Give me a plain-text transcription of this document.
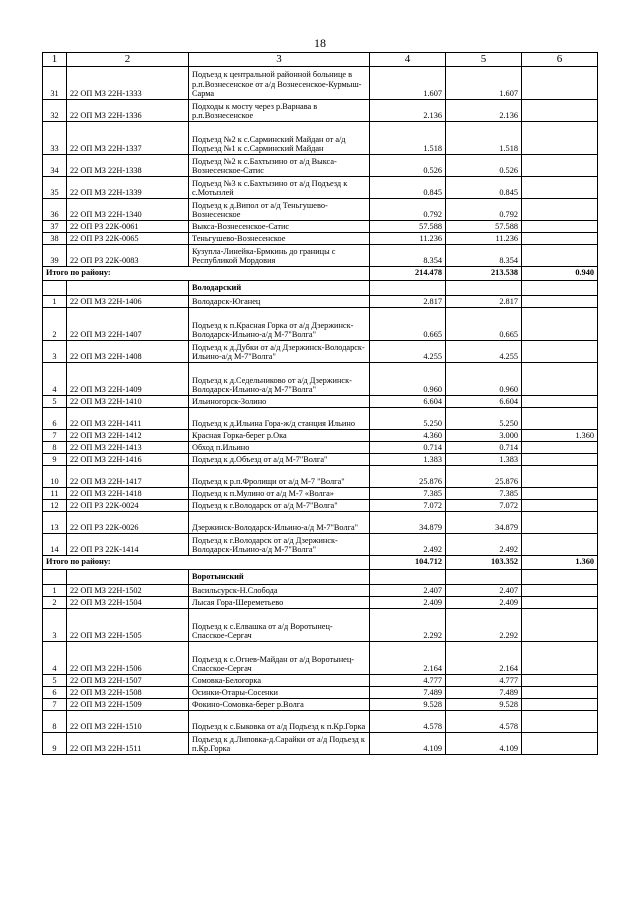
18
1	2	3	4	5	6
31	22 ОП МЗ 22Н-1333	Подъезд к центральной районной больнице в р.п.Вознесенское от а/д Вознесенское-Курмыш-Сарма	1.607	1.607	
32	22 ОП МЗ 22Н-1336	Подходы к мосту через р.Варнава в р.п.Вознесенское	2.136	2.136	
33	22 ОП МЗ 22Н-1337	Подъезд №2 к с.Сарминский Майдан от а/д Подъезд №1 к с.Сарминский Майдан	1.518	1.518	
34	22 ОП МЗ 22Н-1338	Подъезд №2 к с.Бахтызино от а/д Выкса-Вознесенское-Сатис	0.526	0.526	
35	22 ОП МЗ 22Н-1339	Подъезд №3 к с.Бахтызино от а/д Подъезд к с.Мотызлей	0.845	0.845	
36	22 ОП МЗ 22Н-1340	Подъезд к д.Випол от а/д Теньгушево-Вознесенское	0.792	0.792	
37	22 ОП РЗ 22К-0061	Выкса-Вознесенское-Сатис	57.588	57.588	
38	22 ОП РЗ 22К-0065	Теньгушево-Вознесенское	11.236	11.236	
39	22 ОП РЗ 22К-0083	Кузупла-Линейка-Брмкинь до границы с Республикой Мордовия	8.354	8.354	
Итого по району:			214.478	213.538	0.940
		Володарский			
1	22 ОП МЗ 22Н-1406	Володарск-Юганец	2.817	2.817	
2	22 ОП МЗ 22Н-1407	Подъезд к п.Красная Горка от а/д Дзержинск-Володарск-Ильино-а/д М-7"Волга"	0.665	0.665	
3	22 ОП МЗ 22Н-1408	Подъезд к д.Дубки от а/д Дзержинск-Володарск-Ильино-а/д М-7"Волга"	4.255	4.255	
4	22 ОП МЗ 22Н-1409	Подъезд к д.Седельниково от а/д Дзержинск-Володарск-Ильино-а/д М-7"Волга"	0.960	0.960	
5	22 ОП МЗ 22Н-1410	Ильиногорск-Золино	6.604	6.604	
6	22 ОП МЗ 22Н-1411	Подъезд к д.Ильина Гора-ж/д станция Ильино	5.250	5.250	
7	22 ОП МЗ 22Н-1412	Красная Горка-берег р.Ока	4.360	3.000	1.360
8	22 ОП МЗ 22Н-1413	Обход п.Ильино	0.714	0.714	
9	22 ОП МЗ 22Н-1416	Подъезд к д.Объезд от а/д М-7"Волга"	1.383	1.383	
10	22 ОП МЗ 22Н-1417	Подъезд к р.п.Фролищи от а/д М-7 "Волга"	25.876	25.876	
11	22 ОП МЗ 22Н-1418	Подъезд к п.Мулино от а/д М-7 «Волга»	7.385	7.385	
12	22 ОП РЗ 22К-0024	Подъезд к г.Володарск от а/д М-7"Волга"	7.072	7.072	
13	22 ОП РЗ 22К-0026	Дзержинск-Володарск-Ильино-а/д М-7"Волга"	34.879	34.879	
14	22 ОП РЗ 22К-1414	Подъезд к г.Володарск от а/д Дзержинск-Володарск-Ильино-а/д М-7"Волга"	2.492	2.492	
Итого по району:			104.712	103.352	1.360
		Воротынский			
1	22 ОП МЗ 22Н-1502	Васильсурск-Н.Слобода	2.407	2.407	
2	22 ОП МЗ 22Н-1504	Лысая Гора-Шереметьево	2.409	2.409	
3	22 ОП МЗ 22Н-1505	Подъезд к с.Елвашка от а/д Воротынец-Спасское-Сергач	2.292	2.292	
4	22 ОП МЗ 22Н-1506	Подъезд к с.Огнев-Майдан от а/д Воротынец-Спасское-Сергач	2.164	2.164	
5	22 ОП МЗ 22Н-1507	Сомовка-Белогорка	4.777	4.777	
6	22 ОП МЗ 22Н-1508	Осинки-Отары-Сосенки	7.489	7.489	
7	22 ОП МЗ 22Н-1509	Фокино-Сомовка-берег р.Волга	9.528	9.528	
8	22 ОП МЗ 22Н-1510	Подъезд к с.Быковка от а/д Подъезд к п.Кр.Горка	4.578	4.578	
9	22 ОП МЗ 22Н-1511	Подъезд к д.Липовка-д.Сарайки от а/д Подъезд к п.Кр.Горка	4.109	4.109	
